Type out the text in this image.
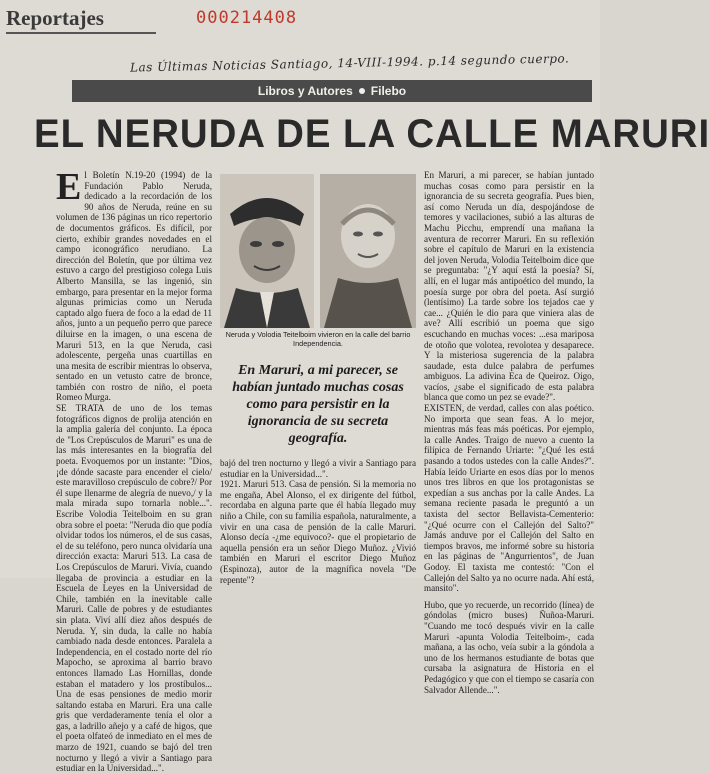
Reportajes	000214408
Las Últimas Noticias Santiago, 14-VIII-1994. p.14 segundo cuerpo.
Libros y Autores Filebo
EL NERUDA DE LA CALLE MARURI
E l Boletín N.19-20 (1994) de la Fundación Pablo Neruda, dedicado a la recordación de los 90 años de Neruda, reúne en su volumen de 136 páginas un rico repertorio de documentos gráficos. Es difícil, por cierto, exhibir grandes novedades en el campo iconográfico nerudiano. La dirección del Boletín, que por última vez estuvo a cargo del prestigioso colega Luis Alberto Mansilla, se las ingenió, sin embargo, para presentar en la mejor forma algunas primicias como un Neruda captado algo fuera de foco a la edad de 11 años, junto a un pequeño perro que parece diluirse en la imagen, o una escena de Maruri 513, en la que Neruda, casi adolescente, pergeña unas cuartillas en una mesita de escribir mientras lo observa, sentado en un vetusto catre de bronce, también con rostro de niño, el poeta Romeo Murga.

SE TRATA de uno de los temas fotográficos dignos de prolija atención en la amplia galería del conjunto. La época de "Los Crepúsculos de Maruri" es una de las más interesantes en la biografía del poeta. Evoquemos por un instante: "Dios, ¡de dónde sacaste para encender el cielo/ este maravilloso crepúsculo de cobre?/ Por él supe llenarme de alegría de nuevo,/ y la mala mirada supo tornarla noble...". Escribe Volodia Teitelboim en su gran obra sobre el poeta: "Neruda dio que podía olvidar todos los números, el de sus casas, el de su teléfono, pero nunca olvidaría una dirección exacta: Maruri 513. La casa de Los Crepúsculos de Maruri. Vivía, cuando llegaba de provincia a estudiar en la Escuela de Leyes en la Universidad de Chile, también en la inevitable calle Maruri. Calle de pobres y de estudiantes sin plata. Viví allí diez años después de Neruda. Y, sin duda, la calle no había cambiado nada desde entonces. Paralela a Independencia, en el costado norte del río Mapocho, se aproxima al barrio bravo entonces llamado Las Hornillas, donde estaban el matadero y los prostíbulos... Una de esas pensiones de medio morir saltando estaba en Maruri. Era una calle gris que verdaderamente tenía el olor a gas, a ladrillo añejo y a café de higos, que el poeta olfateó de inmediato en el mes de marzo de 1921, cuando se bajó del tren nocturno y llegó a vivir a Santiago para estudiar en la Universidad...".

Neruda y Volodia Teitelboim vivieron en la calle del barrio Independencia.
En Maruri, a mi parecer, se habían juntado muchas cosas como para persistir en la ignorancia de su secreta geografía.

bajó del tren nocturno y llegó a vivir a Santiago para estudiar en la Universidad...".

1921. Maruri 513. Casa de pensión. Si la memoria no me engaña, Abel Alonso, el ex dirigente del fútbol, recordaba en alguna parte que él había llegado muy niño a Chile, con su familia española, naturalmente, a vivir en una casa de pensión de la calle Maruri. Alonso decía -¿me equivoco?- que el propietario de aquella pensión era un señor Diego Muñoz. ¿Vivió también en Maruri el escritor Diego Muñoz (Espinoza), autor de la magnífica novela "De repente"?

En Maruri, a mi parecer, se habían juntado muchas cosas como para persistir en la ignorancia de su secreta geografía. Pues bien, así como Neruda un día, despojándose de temores y vacilaciones, subió a las alturas de Machu Picchu, emprendí una mañana la aventura de recorrer Maruri. En su reflexión sobre el capítulo de Maruri en la existencia del joven Neruda, Volodia Teitelboim dice que se preguntaba: "¿Y aquí está la poesía? Sí, allí, en el lugar más antipoético del mundo, la poesía surge por obra del poeta. Así surgió (lentísimo) La tarde sobre los tejados cae y cae... ¿Quién le dio para que viniera alas de ave? Allí escribió un poema que sigo escuchando en muchas voces: ...esa mariposa de otoño que volotea, revolotea y desaparece. Y la misteriosa sugerencia de la palabra saudade, esta dulce palabra de perfumes ambiguos. La adivina Eca de Queiroz. Oigo, vacíos, ¿sabe el significado de esta palabra blanca que como un pez se evade?".

EXISTEN, de verdad, calles con alas poético. No importa que sean feas. A lo mejor, mientras más feas más poéticas. Por ejemplo, la calle Andes. Traigo de nuevo a cuento la filípica de Fernando Uriarte: "¿Qué les está pasando a todos ustedes con la calle Andes?". Había leído Uriarte en esos días por lo menos unos tres libros en que los protagonistas se expedían a sus anchas por la calle Andes. La semana reciente pasada le preguntó a un taxista del sector Bellavista-Cementerio: "¿Qué ocurre con el Callejón del Salto?" Jamás anduve por el Callejón del Salto en tiempos bravos, me informé sobre su historia en las páginas de "Angurrientos", de Juan Godoy. El taxista me contestó: "Con el Callejón del Salto ya no ocurre nada. Ahí está, mansito".

Hubo, que yo recuerde, un recorrido (línea) de góndolas (micro buses) Ñuñoa-Maruri. "Cuando me tocó después vivir en la calle Maruri -apunta Volodia Teitelboim-, cada mañana, a las ocho, veía subir a la góndola a uno de los hermanos estudiante de botas que cursaba la asignatura de Historia en el Pedagógico y que con el tiempo se casaría con Salvador Allende...".
